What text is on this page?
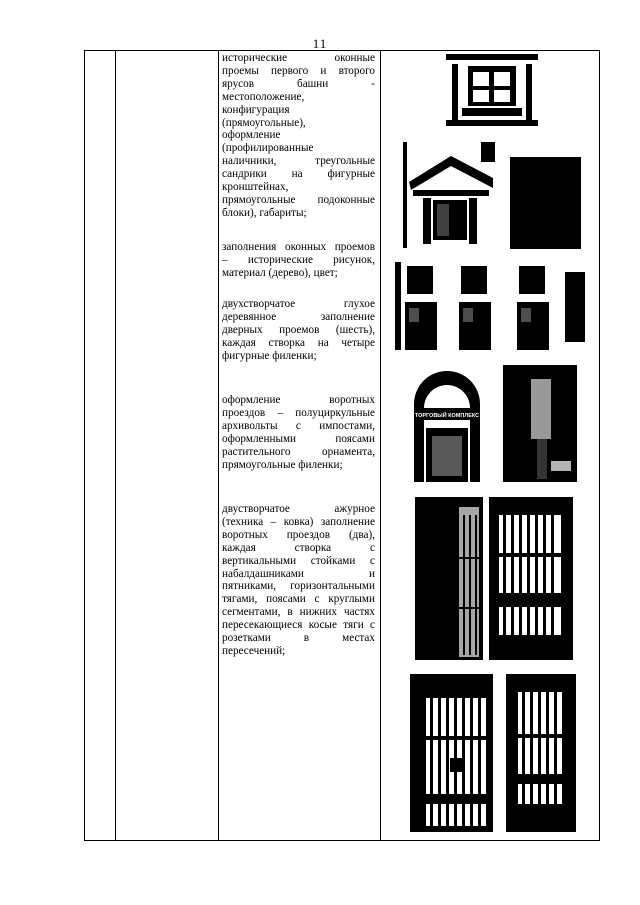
11
исторические	оконные
проемы первого и второго
ярусов башни -
местоположение,
конфигурация
(прямоугольные),
оформление
(профилированные
наличники, треугольные
сандрики на фигурные
кронштейнах,
прямоугольные подоконные
блоки), габариты;
заполнения оконных проемов
– исторические рисунок,
материал (дерево), цвет;
двухстворчатое глухое
деревянное заполнение
дверных проемов (шесть),
каждая створка на четыре
фигурные филенки;
оформление воротных
проездов – полуциркульные
архивольты с импостами,
оформленными поясами
растительного орнамента,
прямоугольные филенки;
двустворчатое ажурное
(техника – ковка) заполнение
воротных проездов (два),
каждая створка с
вертикальными стойками с
набалдашниками и
пятниками, горизонтальными
тягами, поясами с круглыми
сегментами, в нижних частях
пересекающиеся косые тяги с
розетками в местах
пересечений;
ТОРГОВЫЙ КОМПЛЕКС
